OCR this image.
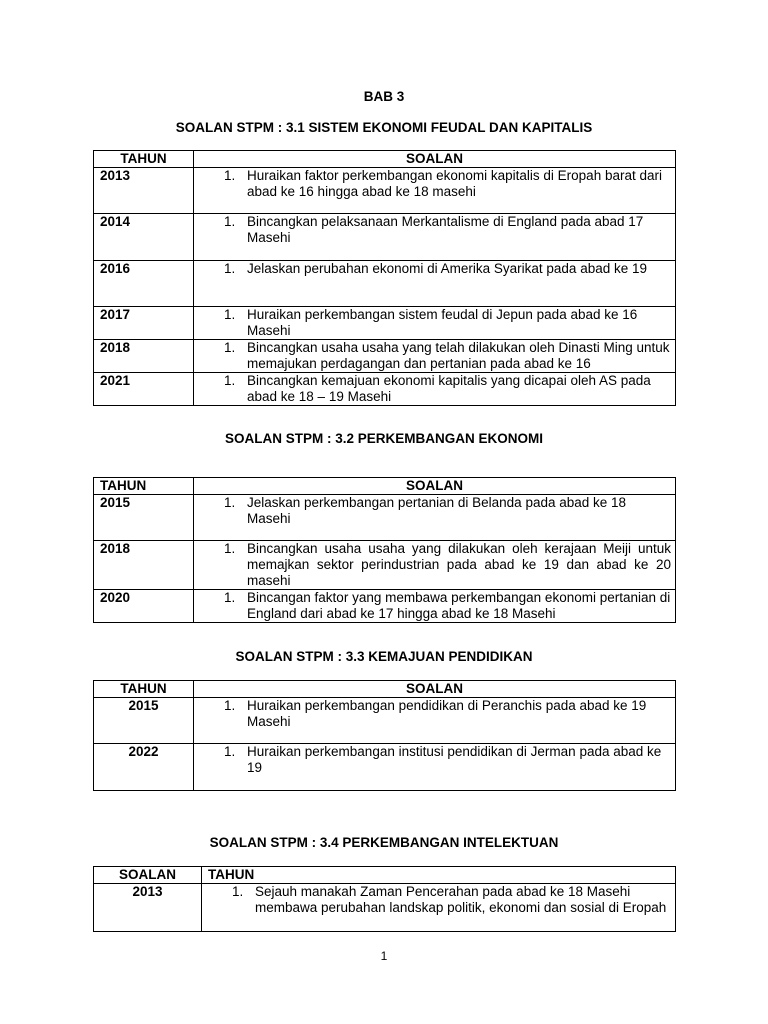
BAB 3
SOALAN STPM : 3.1 SISTEM EKONOMI FEUDAL DAN KAPITALIS
TAHUN	SOALAN
2013	1. Huraikan faktor perkembangan ekonomi kapitalis di Eropah barat dari abad ke 16 hingga abad ke 18 masehi
2014	1. Bincangkan pelaksanaan Merkantalisme di England pada abad 17 Masehi
2016	1. Jelaskan perubahan ekonomi di Amerika Syarikat pada abad ke 19
2017	1. Huraikan perkembangan sistem feudal di Jepun pada abad ke 16 Masehi
2018	1. Bincangkan usaha usaha yang telah dilakukan oleh Dinasti Ming untuk memajukan perdagangan dan pertanian pada abad ke 16
2021	1. Bincangkan kemajuan ekonomi kapitalis yang dicapai oleh AS pada abad ke 18 – 19 Masehi
SOALAN STPM : 3.2 PERKEMBANGAN EKONOMI
TAHUN	SOALAN
2015	1. Jelaskan perkembangan pertanian di Belanda pada abad ke 18 Masehi
2018	1. Bincangkan usaha usaha yang dilakukan oleh kerajaan Meiji untuk memajkan sektor perindustrian pada abad ke 19 dan abad ke 20 masehi
2020	1. Bincangan faktor yang membawa perkembangan ekonomi pertanian di England dari abad ke 17 hingga abad ke 18 Masehi
SOALAN STPM : 3.3 KEMAJUAN PENDIDIKAN
TAHUN	SOALAN
2015	1. Huraikan perkembangan pendidikan di Peranchis pada abad ke 19 Masehi
2022	1. Huraikan perkembangan institusi pendidikan di Jerman pada abad ke 19
SOALAN STPM : 3.4 PERKEMBANGAN INTELEKTUAN
SOALAN	TAHUN
2013	1. Sejauh manakah Zaman Pencerahan pada abad ke 18 Masehi membawa perubahan landskap politik, ekonomi dan sosial di Eropah
1
